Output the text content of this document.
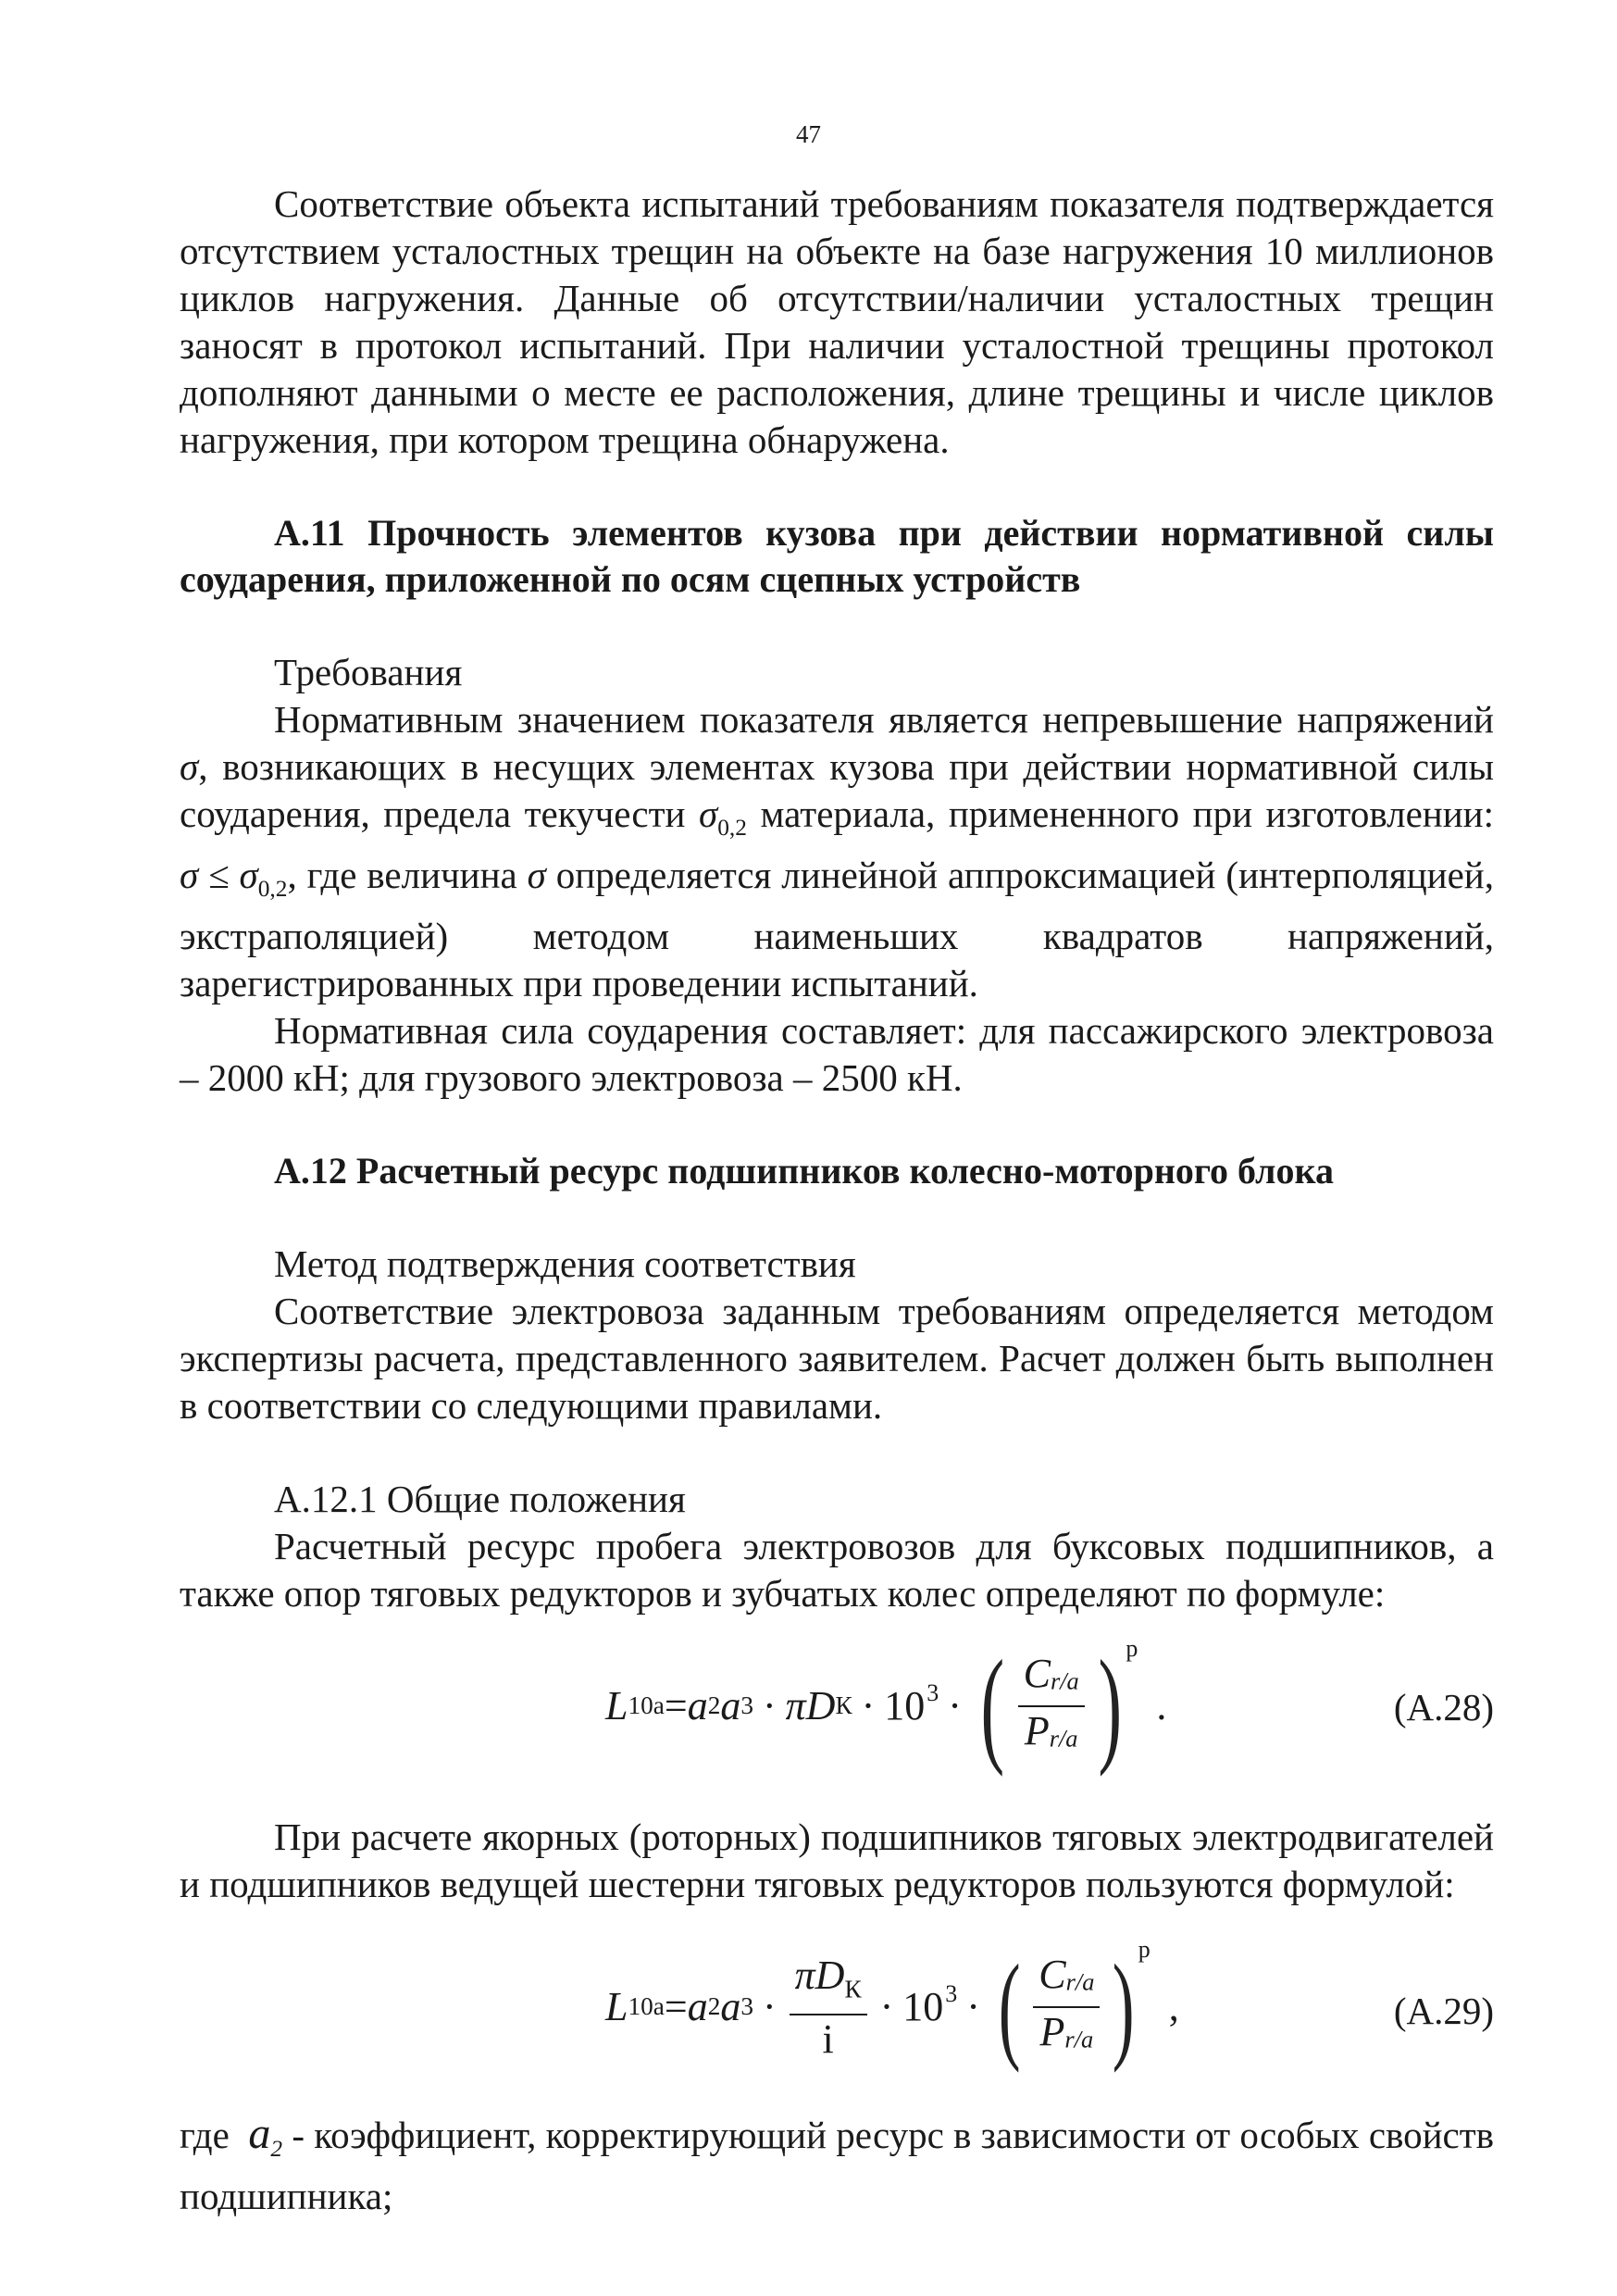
47

Соответствие объекта испытаний требованиям показателя подтверждается отсутствием усталостных трещин на объекте на базе нагружения 10 миллионов циклов нагружения. Данные об отсутствии/наличии усталостных трещин заносят в протокол испытаний. При наличии усталостной трещины протокол дополняют данными о месте ее расположения, длине трещины и числе циклов нагружения, при котором трещина обнаружена.

А.11 Прочность элементов кузова при действии нормативной силы соударения, приложенной по осям сцепных устройств

Требования

Нормативным значением показателя является непревышение напряжений σ, возникающих в несущих элементах кузова при действии нормативной силы соударения, предела текучести $\sigma_{0,2}$ материала, примененного при изготовлении: $\sigma \le \sigma_{0,2}$, где величина σ определяется линейной аппроксимацией (интерполяцией, экстраполяцией) методом наименьших квадратов напряжений, зарегистрированных при проведении испытаний.

Нормативная сила соударения составляет: для пассажирского электровоза – 2000 кН; для грузового электровоза – 2500 кН.

А.12 Расчетный ресурс подшипников колесно-моторного блока

Метод подтверждения соответствия

Соответствие электровоза заданным требованиям определяется методом экспертизы расчета, представленного заявителем. Расчет должен быть выполнен в соответствии со следующими правилами.

А.12.1 Общие положения

Расчетный ресурс пробега электровозов для буксовых подшипников, а также опор тяговых редукторов и зубчатых колес определяют по формуле:

L 10a = a 2 a 3 · πD К · 10 3 · ( $\frac{Cr/a}{Pr/a}$ ) p
.	(А.28)

При расчете якорных (роторных) подшипников тяговых электродвигателей и подшипников ведущей шестерни тяговых редукторов пользуются формулой:

L 10a = a 2 a $3 \cdot \frac{\pi D_К}{i} \cdot 10$ 3 · ( $\frac{Cr/a}{Pr/a}$ ) p
,	(А.29)

где $a_2$ - коэффициент, корректирующий ресурс в зависимости от особых свойств подшипника;
